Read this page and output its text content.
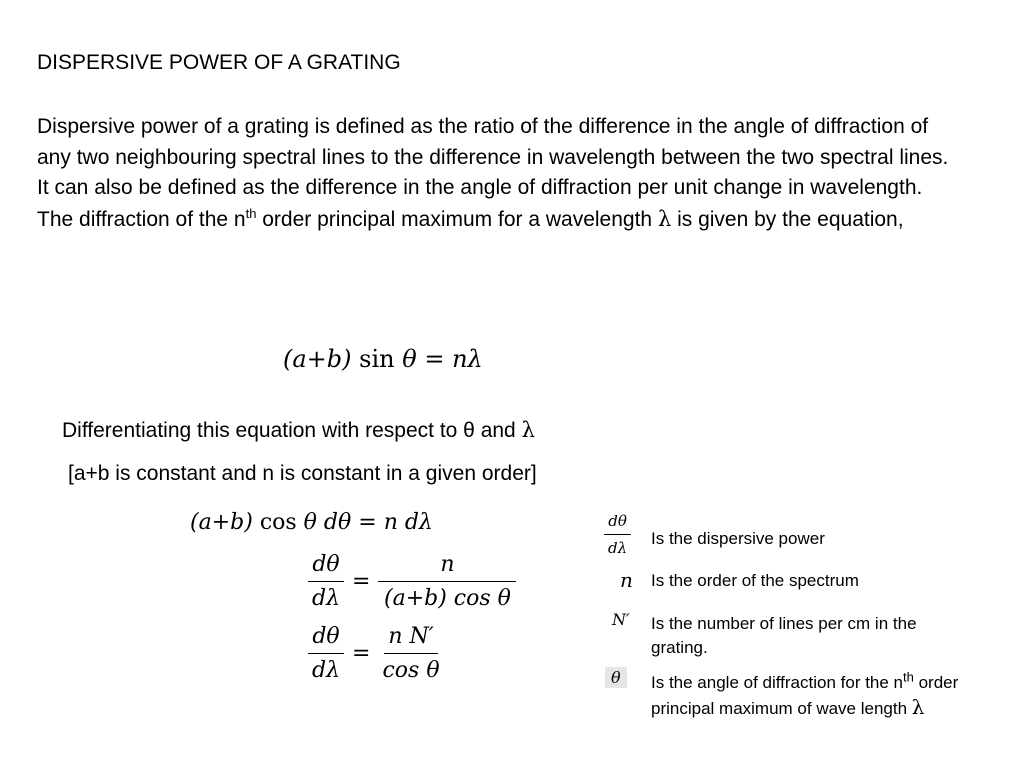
DISPERSIVE POWER OF A GRATING

Dispersive power of a grating is defined as the ratio of the difference in the angle of diffraction of any two neighbouring spectral lines to the difference in wavelength between the two spectral lines.

It can also be defined as the difference in the angle of diffraction per unit change in wavelength.

The diffraction of the $n^{th}$ order principal maximum for a wavelength λ is given by the equation,

(a+b) sin θ = nλ
Differentiating this equation with respect to θ and λ
[a+b is constant and n is constant in a given order]
(a+b) cos θ dθ = n dλ
$\frac{d\theta}{d\lambda} = \frac{n}{\text{(a+b) cos θ}}$
$\frac{d\theta}{d\lambda} = \frac{\text{n N′}}{\text{cos θ}}$
$\frac{d\theta}{d\lambda}$ Is the dispersive power
n Is the order of the spectrum
N′ Is the number of lines per cm in the grating.
θ	Is the angle of diffraction for the $n^{th}$ order principal maximum of wave length λ
